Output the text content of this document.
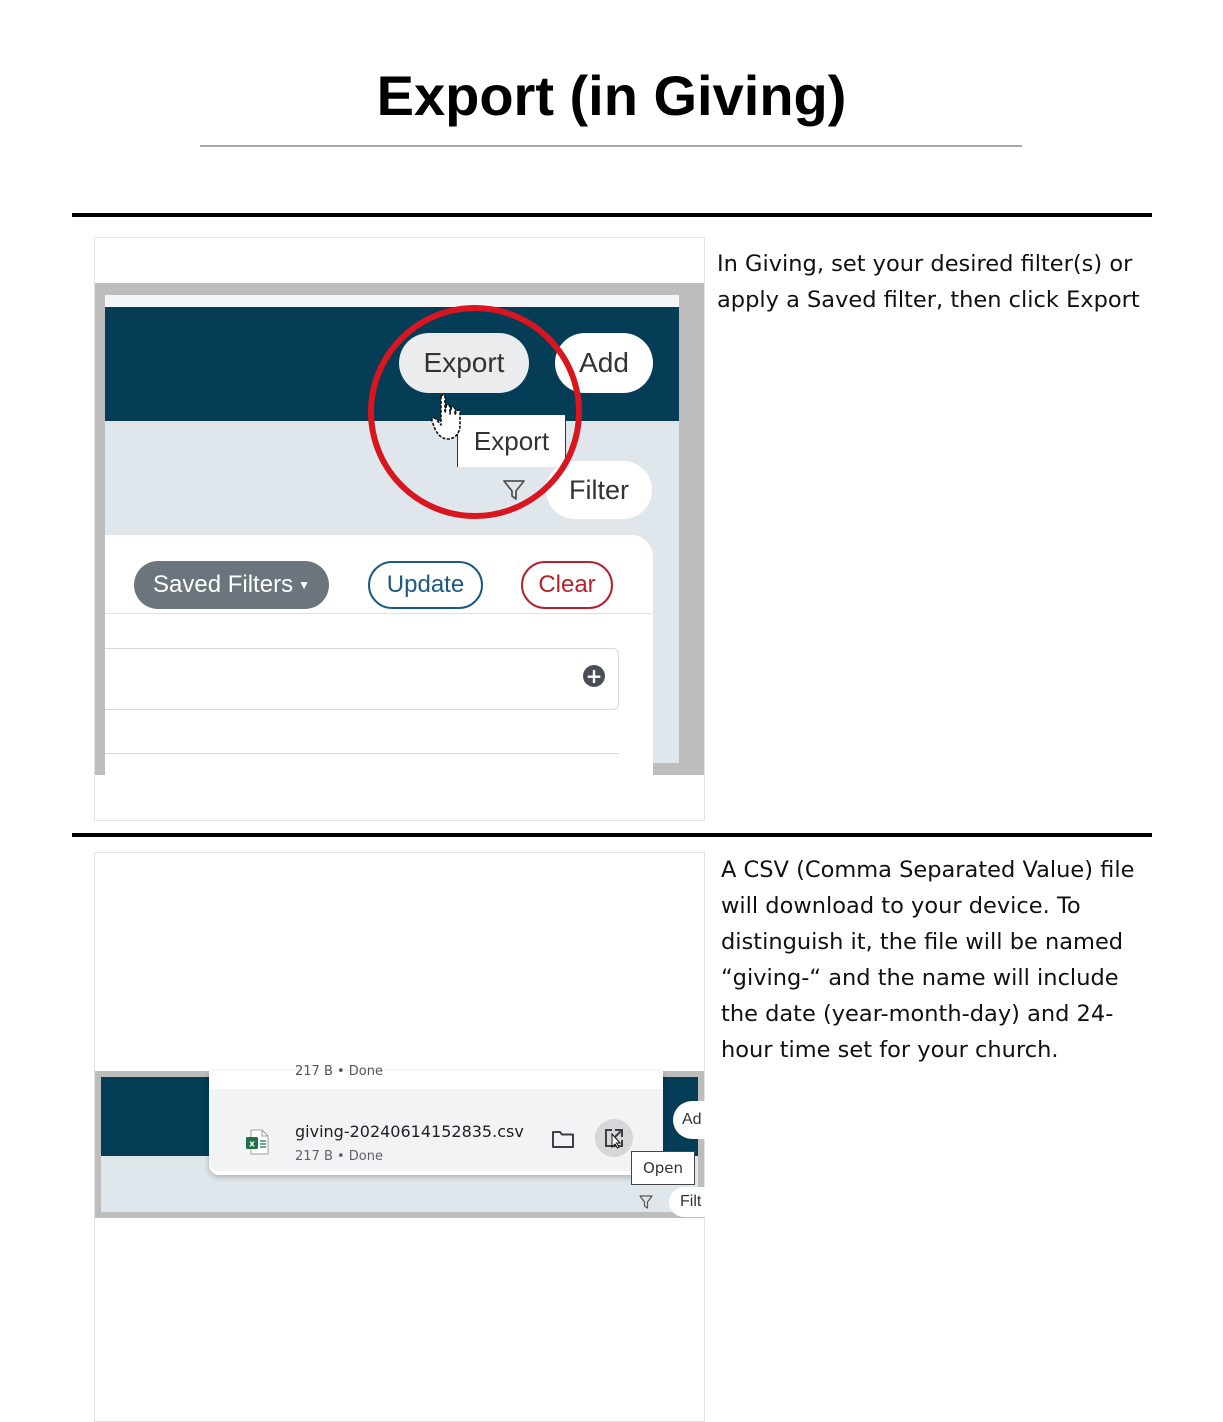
Export (in Giving)
Export	Add
Export
Filter
Saved Filters ▼	Update	Clear
+
In Giving, set your desired filter(s) or apply a Saved filter, then click Export
Ad
Filt
217 B • Done
x
giving-20240614152835.csv
217 B • Done
Open
A CSV (Comma Separated Value) file will download to your device. To distinguish it, the file will be named “giving-“ and the name will include the date (year-month-day) and 24-hour time set for your church.
